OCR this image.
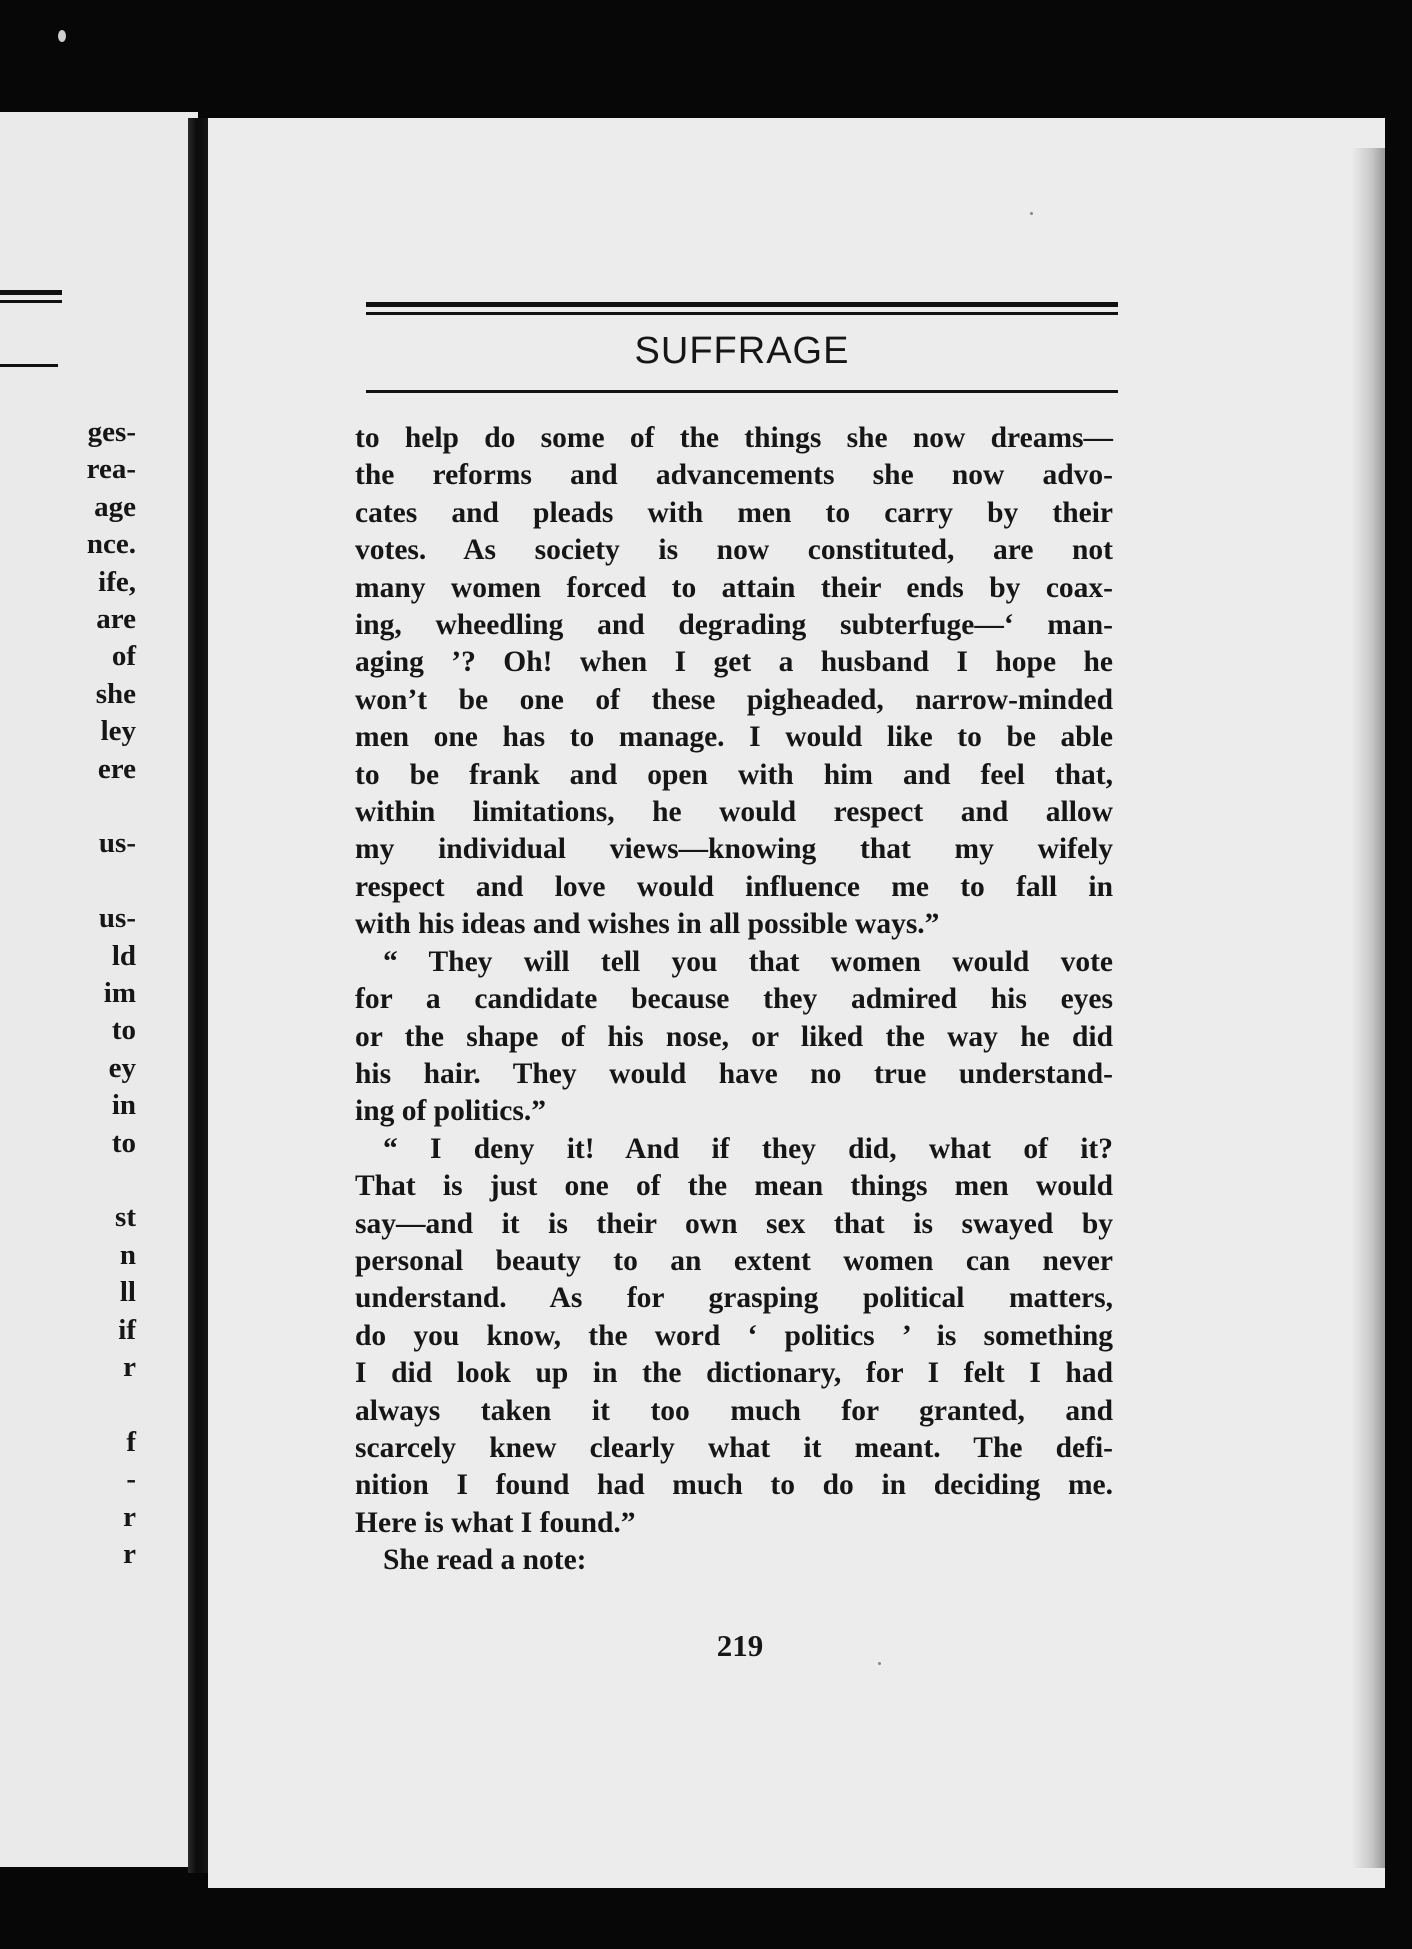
ges-
rea-
age
nce.
ife,
are
of
she
ley
ere
us-
us-
ld
im
to
ey
in
to
st
n
ll
if
r
f
-
r
r
SUFFRAGE
to help do some of the things she now dreams—
the reforms and advancements she now advo-
cates and pleads with men to carry by their
votes. As society is now constituted, are not
many women forced to attain their ends by coax-
ing, wheedling and degrading subterfuge—‘ man-
aging ’? Oh! when I get a husband I hope he
won’t be one of these pigheaded, narrow-minded
men one has to manage. I would like to be able
to be frank and open with him and feel that,
within limitations, he would respect and allow
my individual views—knowing that my wifely
respect and love would influence me to fall in
with his ideas and wishes in all possible ways.”
“ They will tell you that women would vote
for a candidate because they admired his eyes
or the shape of his nose, or liked the way he did
his hair. They would have no true understand-
ing of politics.”
“ I deny it! And if they did, what of it?
That is just one of the mean things men would
say—and it is their own sex that is swayed by
personal beauty to an extent women can never
understand. As for grasping political matters,
do you know, the word ‘ politics ’ is something
I did look up in the dictionary, for I felt I had
always taken it too much for granted, and
scarcely knew clearly what it meant. The defi-
nition I found had much to do in deciding me.
Here is what I found.”
She read a note:
219
